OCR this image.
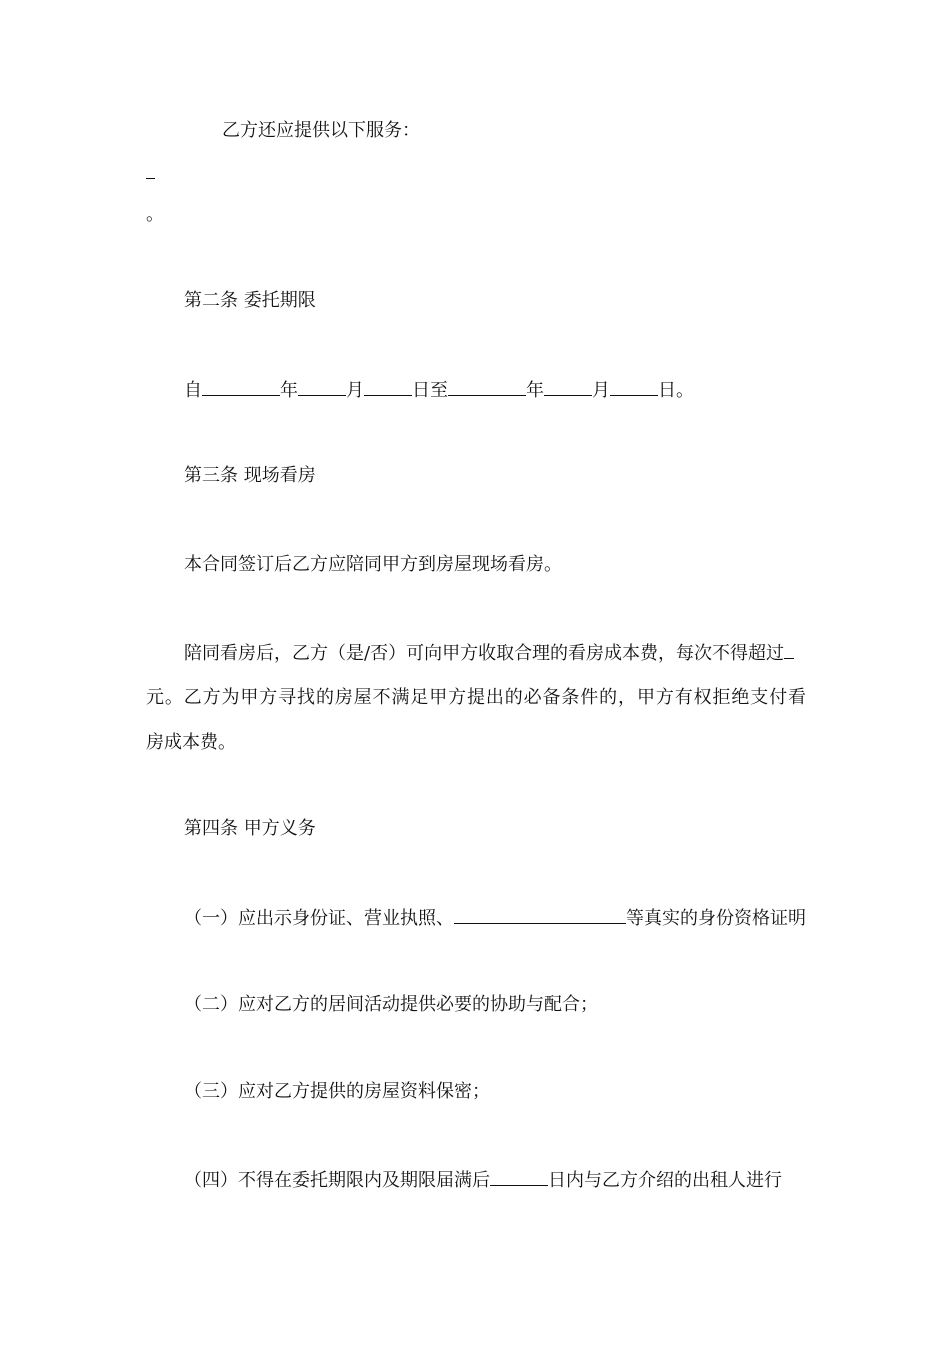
乙方还应提供以下服务：
。
第二条 委托期限
自	年	月	日至	年	月	日。
第三条 现场看房
本合同签订后乙方应陪同甲方到房屋现场看房。
陪同看房后，乙方（是/否）可向甲方收取合理的看房成本费，每次不得超过
元。乙方为甲方寻找的房屋不满足甲方提出的必备条件的，甲方有权拒绝支付看
房成本费。
第四条 甲方义务
（一）应出示身份证、营业执照、	等真实的身份资格证明
（二）应对乙方的居间活动提供必要的协助与配合；
（三）应对乙方提供的房屋资料保密；
（四）不得在委托期限内及期限届满后	日内与乙方介绍的出租人进行
